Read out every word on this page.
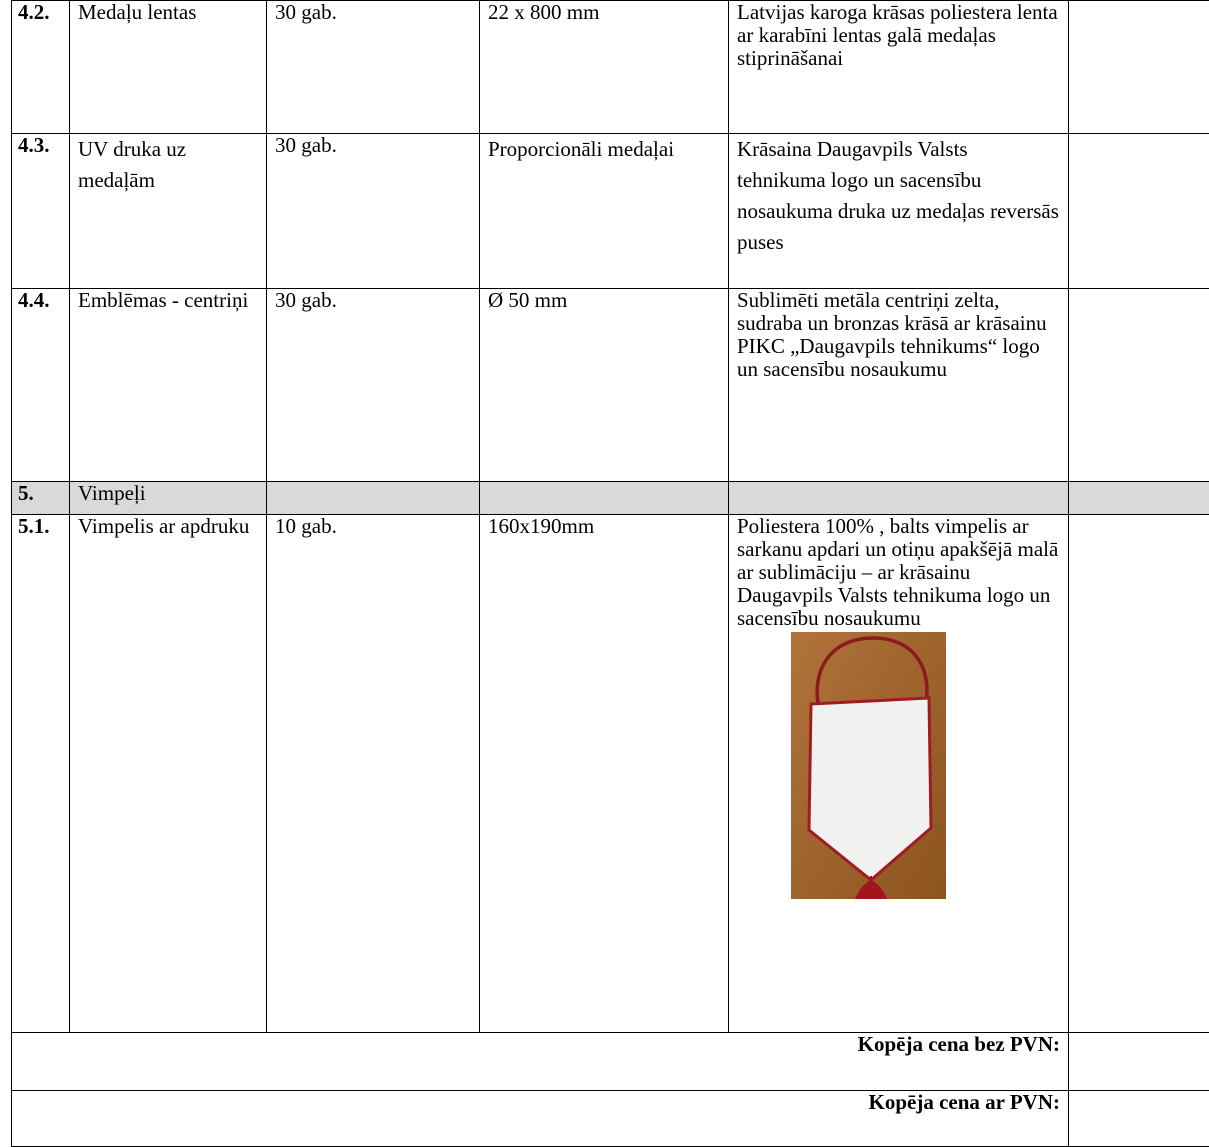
4.2.	Medaļu lentas	30 gab.	22 x 800 mm	Latvijas karoga krāsas poliestera lenta ar karabīni lentas galā medaļas stiprināšanai	
4.3.	UV druka uz medaļām	30 gab.	Proporcionāli medaļai	Krāsaina Daugavpils Valsts tehnikuma logo un sacensību nosaukuma druka uz medaļas reversās puses	
4.4.	Emblēmas - centriņi	30 gab.	Ø 50 mm	Sublimēti metāla centriņi zelta, sudraba un bronzas krāsā ar krāsainu PIKC „Daugavpils tehnikums“ logo un sacensību nosaukumu	
5.	Vimpeļi				
5.1.	Vimpelis ar apdruku	10 gab.	160x190mm	Poliestera 100% , balts vimpelis ar sarkanu apdari un otiņu apakšējā malā ar sublimāciju – ar krāsainu Daugavpils Valsts tehnikuma logo un sacensību nosaukumu	

Kopēja cena bez PVN:					
Kopēja cena ar PVN:					
